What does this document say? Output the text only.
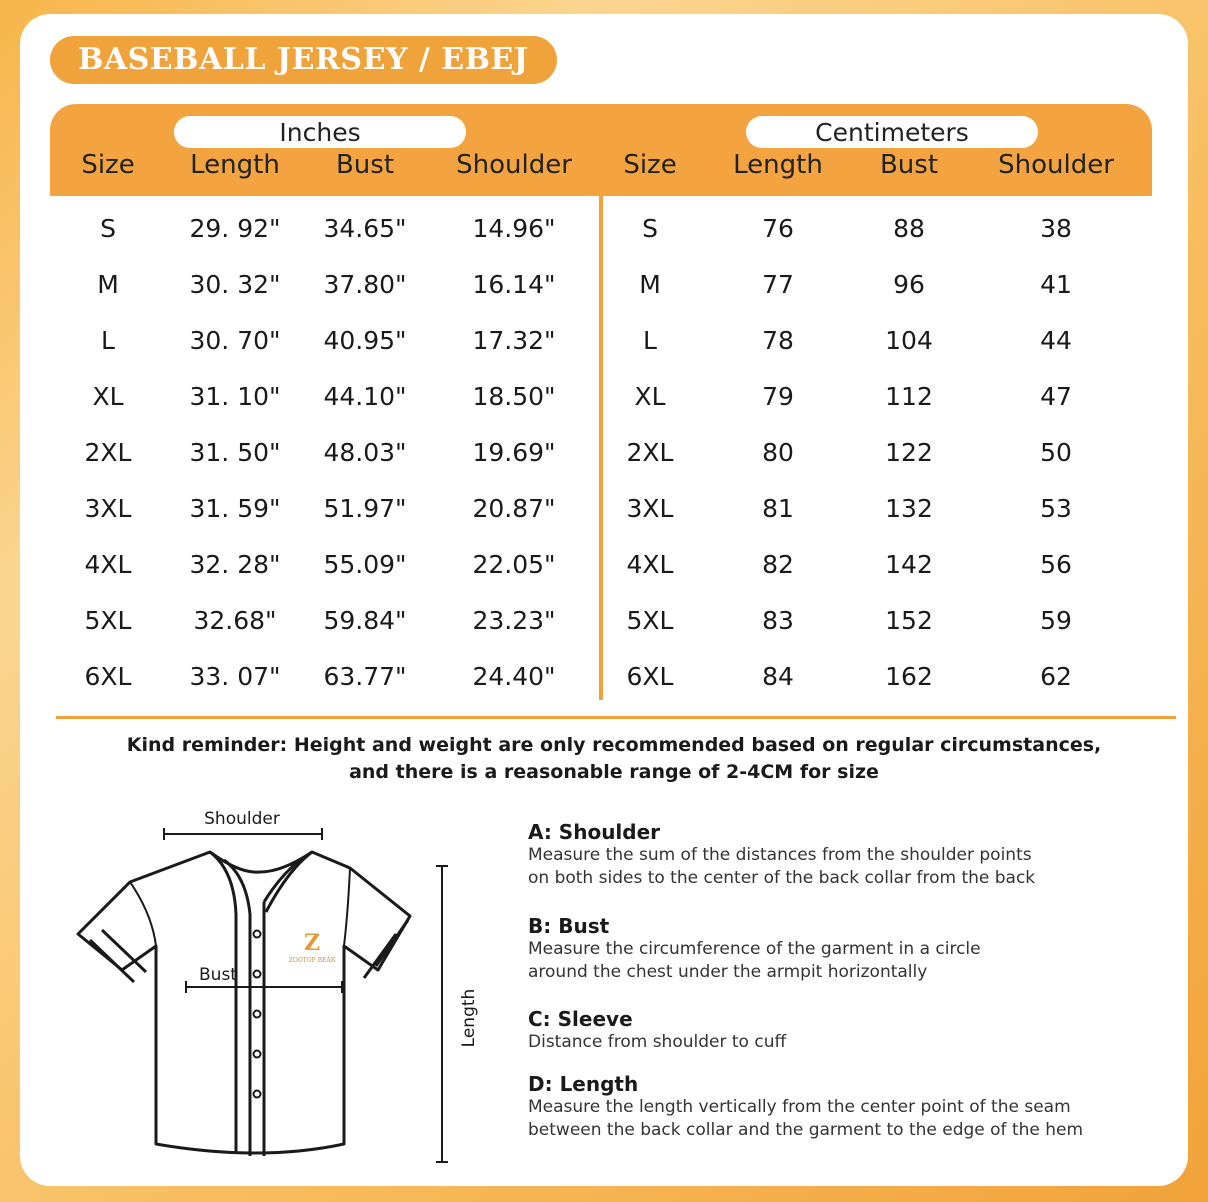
BASEBALL JERSEY / EBEJ
Inches	Centimeters
Size Length Bust Shoulder Size Length Bust Shoulder
S	29. 92" 34.65"	14.96"	S	76	88	38
M	30. 32" 37.80"	16.14"	M	77	96	41
L	30. 70" 40.95"	17.32"	L	78	104	44
XL	31. 10" 44.10"	18.50"	XL	79	112	47
2XL 31. 50" 48.03"	19.69"	2XL	80	122	50
3XL 31. 59" 51.97"	20.87"	3XL	81	132	53
4XL 32. 28" 55.09"	22.05"	4XL	82	142	56
5XL 32.68" 59.84"	23.23"	5XL	83	152	59
6XL 33. 07" 63.77"	24.40"	6XL	84	162	62
Kind reminder: Height and weight are only recommended based on regular circumstances,
and there is a reasonable range of 2-4CM for size
Shoulder
Z
ZOOTOP BEAR
Bust
Length
A: Shoulder
Measure the sum of the distances from the shoulder points
on both sides to the center of the back collar from the back
B: Bust
Measure the circumference of the garment in a circle
around the chest under the armpit horizontally
C: Sleeve
Distance from shoulder to cuff
D: Length
Measure the length vertically from the center point of the seam
between the back collar and the garment to the edge of the hem
